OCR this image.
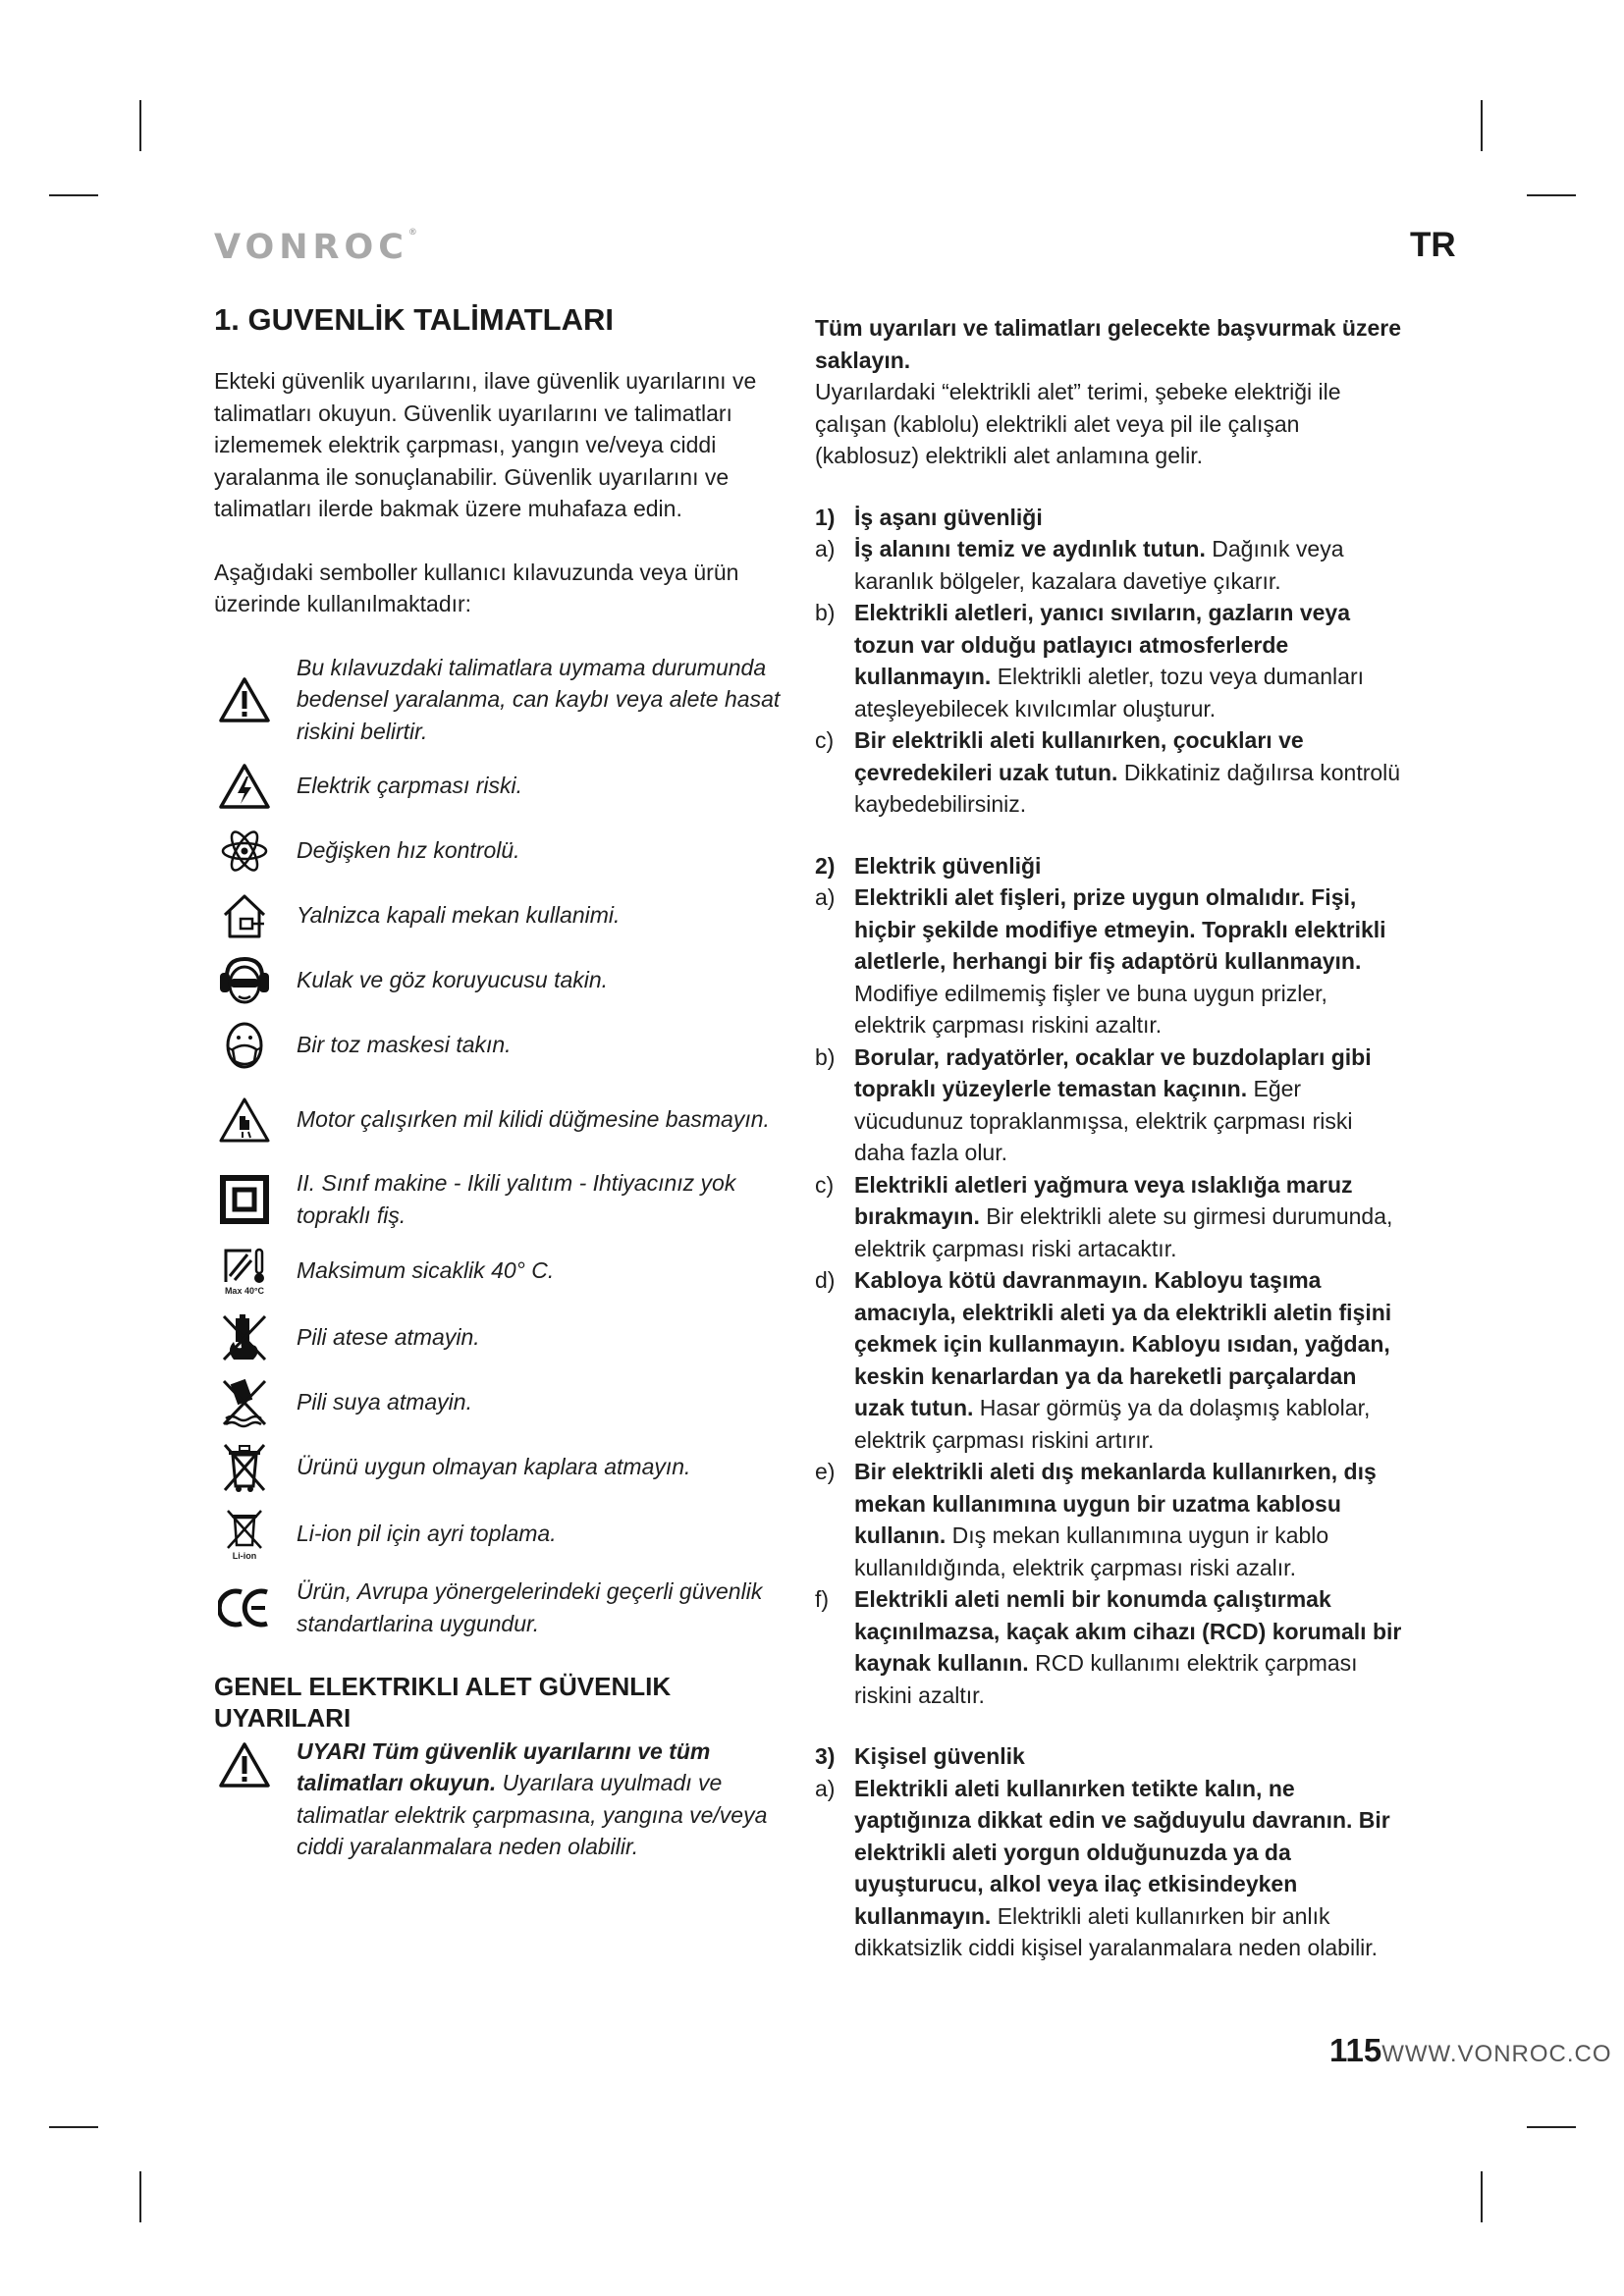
VONROC®	TR
1. GUVENLİK TALİMATLARI

Ekteki güvenlik uyarılarını, ilave güvenlik uyarılarını ve talimatları okuyun. Güvenlik uyarılarını ve talimatları izlememek elektrik çarpması, yangın ve/veya ciddi yaralanma ile sonuçlanabilir. Güvenlik uyarılarını ve talimatları ilerde bakmak üzere muhafaza edin.

Aşağıdaki semboller kullanıcı kılavuzunda veya ürün üzerinde kullanılmaktadır:

Bu kılavuzdaki talimatlara uymama durumunda bedensel yaralanma, can kaybı veya alete hasat riskini belirtir.
Elektrik çarpması riski.
Değişken hız kontrolü.
Yalnizca kapali mekan kullanimi.
Kulak ve göz koruyucusu takin.
Bir toz maskesi takın.
Motor çalışırken mil kilidi düğmesine basmayın.
II. Sınıf makine - Ikili yalıtım - Ihtiyacınız yok topraklı fiş.
Max 40°C
Maksimum sicaklik 40° C.
Pili atese atmayin.
Pili suya atmayin.
Ürünü uygun olmayan kaplara atmayın.
Li-ion
Li-ion pil için ayri toplama.
Ürün, Avrupa yönergelerindeki geçerli güvenlik standartlarina uygundur.
GENEL ELEKTRIKLI ALET GÜVENLIK UYARILARI
UYARI Tüm güvenlik uyarılarını ve tüm talimatları okuyun. Uyarılara uyulmadı ve talimatlar elektrik çarpmasına, yangına ve/veya ciddi yaralanmalara neden olabilir.

Tüm uyarıları ve talimatları gelecekte başvurmak üzere saklayın.

Uyarılardaki “elektrikli alet” terimi, şebeke elektriği ile çalışan (kablolu) elektrikli alet veya pil ile çalışan (kablosuz) elektrikli alet anlamına gelir.

1) İş aşanı güvenliği
a) İş alanını temiz ve aydınlık tutun. Dağınık veya karanlık bölgeler, kazalara davetiye çıkarır.
b) Elektrikli aletleri, yanıcı sıvıların, gazların veya tozun var olduğu patlayıcı atmosferlerde kullanmayın. Elektrikli aletler, tozu veya dumanları ateşleyebilecek kıvılcımlar oluşturur.
c) Bir elektrikli aleti kullanırken, çocukları ve çevredekileri uzak tutun. Dikkatiniz dağılırsa kontrolü kaybedebilirsiniz.
2) Elektrik güvenliği
a) Elektrikli alet fişleri, prize uygun olmalıdır. Fişi, hiçbir şekilde modifiye etmeyin. Topraklı elektrikli aletlerle, herhangi bir fiş adaptörü kullanmayın. Modifiye edilmemiş fişler ve buna uygun prizler, elektrik çarpması riskini azaltır.
b) Borular, radyatörler, ocaklar ve buzdolapları gibi topraklı yüzeylerle temastan kaçının. Eğer vücudunuz topraklanmışsa, elektrik çarpması riski daha fazla olur.
c) Elektrikli aletleri yağmura veya ıslaklığa maruz bırakmayın. Bir elektrikli alete su girmesi durumunda, elektrik çarpması riski artacaktır.
d) Kabloya kötü davranmayın. Kabloyu taşıma amacıyla, elektrikli aleti ya da elektrikli aletin fişini çekmek için kullanmayın. Kabloyu ısıdan, yağdan, keskin kenarlardan ya da hareketli parçalardan uzak tutun. Hasar görmüş ya da dolaşmış kablolar, elektrik çarpması riskini artırır.
e) Bir elektrikli aleti dış mekanlarda kullanırken, dış mekan kullanımına uygun bir uzatma kablosu kullanın. Dış mekan kullanımına uygun ir kablo kullanıldığında, elektrik çarpması riski azalır.
f)	Elektrikli aleti nemli bir konumda çalıştırmak kaçınılmazsa, kaçak akım cihazı (RCD) korumalı bir kaynak kullanın. RCD kullanımı elektrik çarpması riskini azaltır.
3) Kişisel güvenlik
a) Elektrikli aleti kullanırken tetikte kalın, ne yaptığınıza dikkat edin ve sağduyulu davranın. Bir elektrikli aleti yorgun olduğunuzda ya da uyuşturucu, alkol veya ilaç etkisindeyken kullanmayın. Elektrikli aleti kullanırken bir anlık dikkatsizlik ciddi kişisel yaralanmalara neden olabilir.
115WWW.VONROC.CO
